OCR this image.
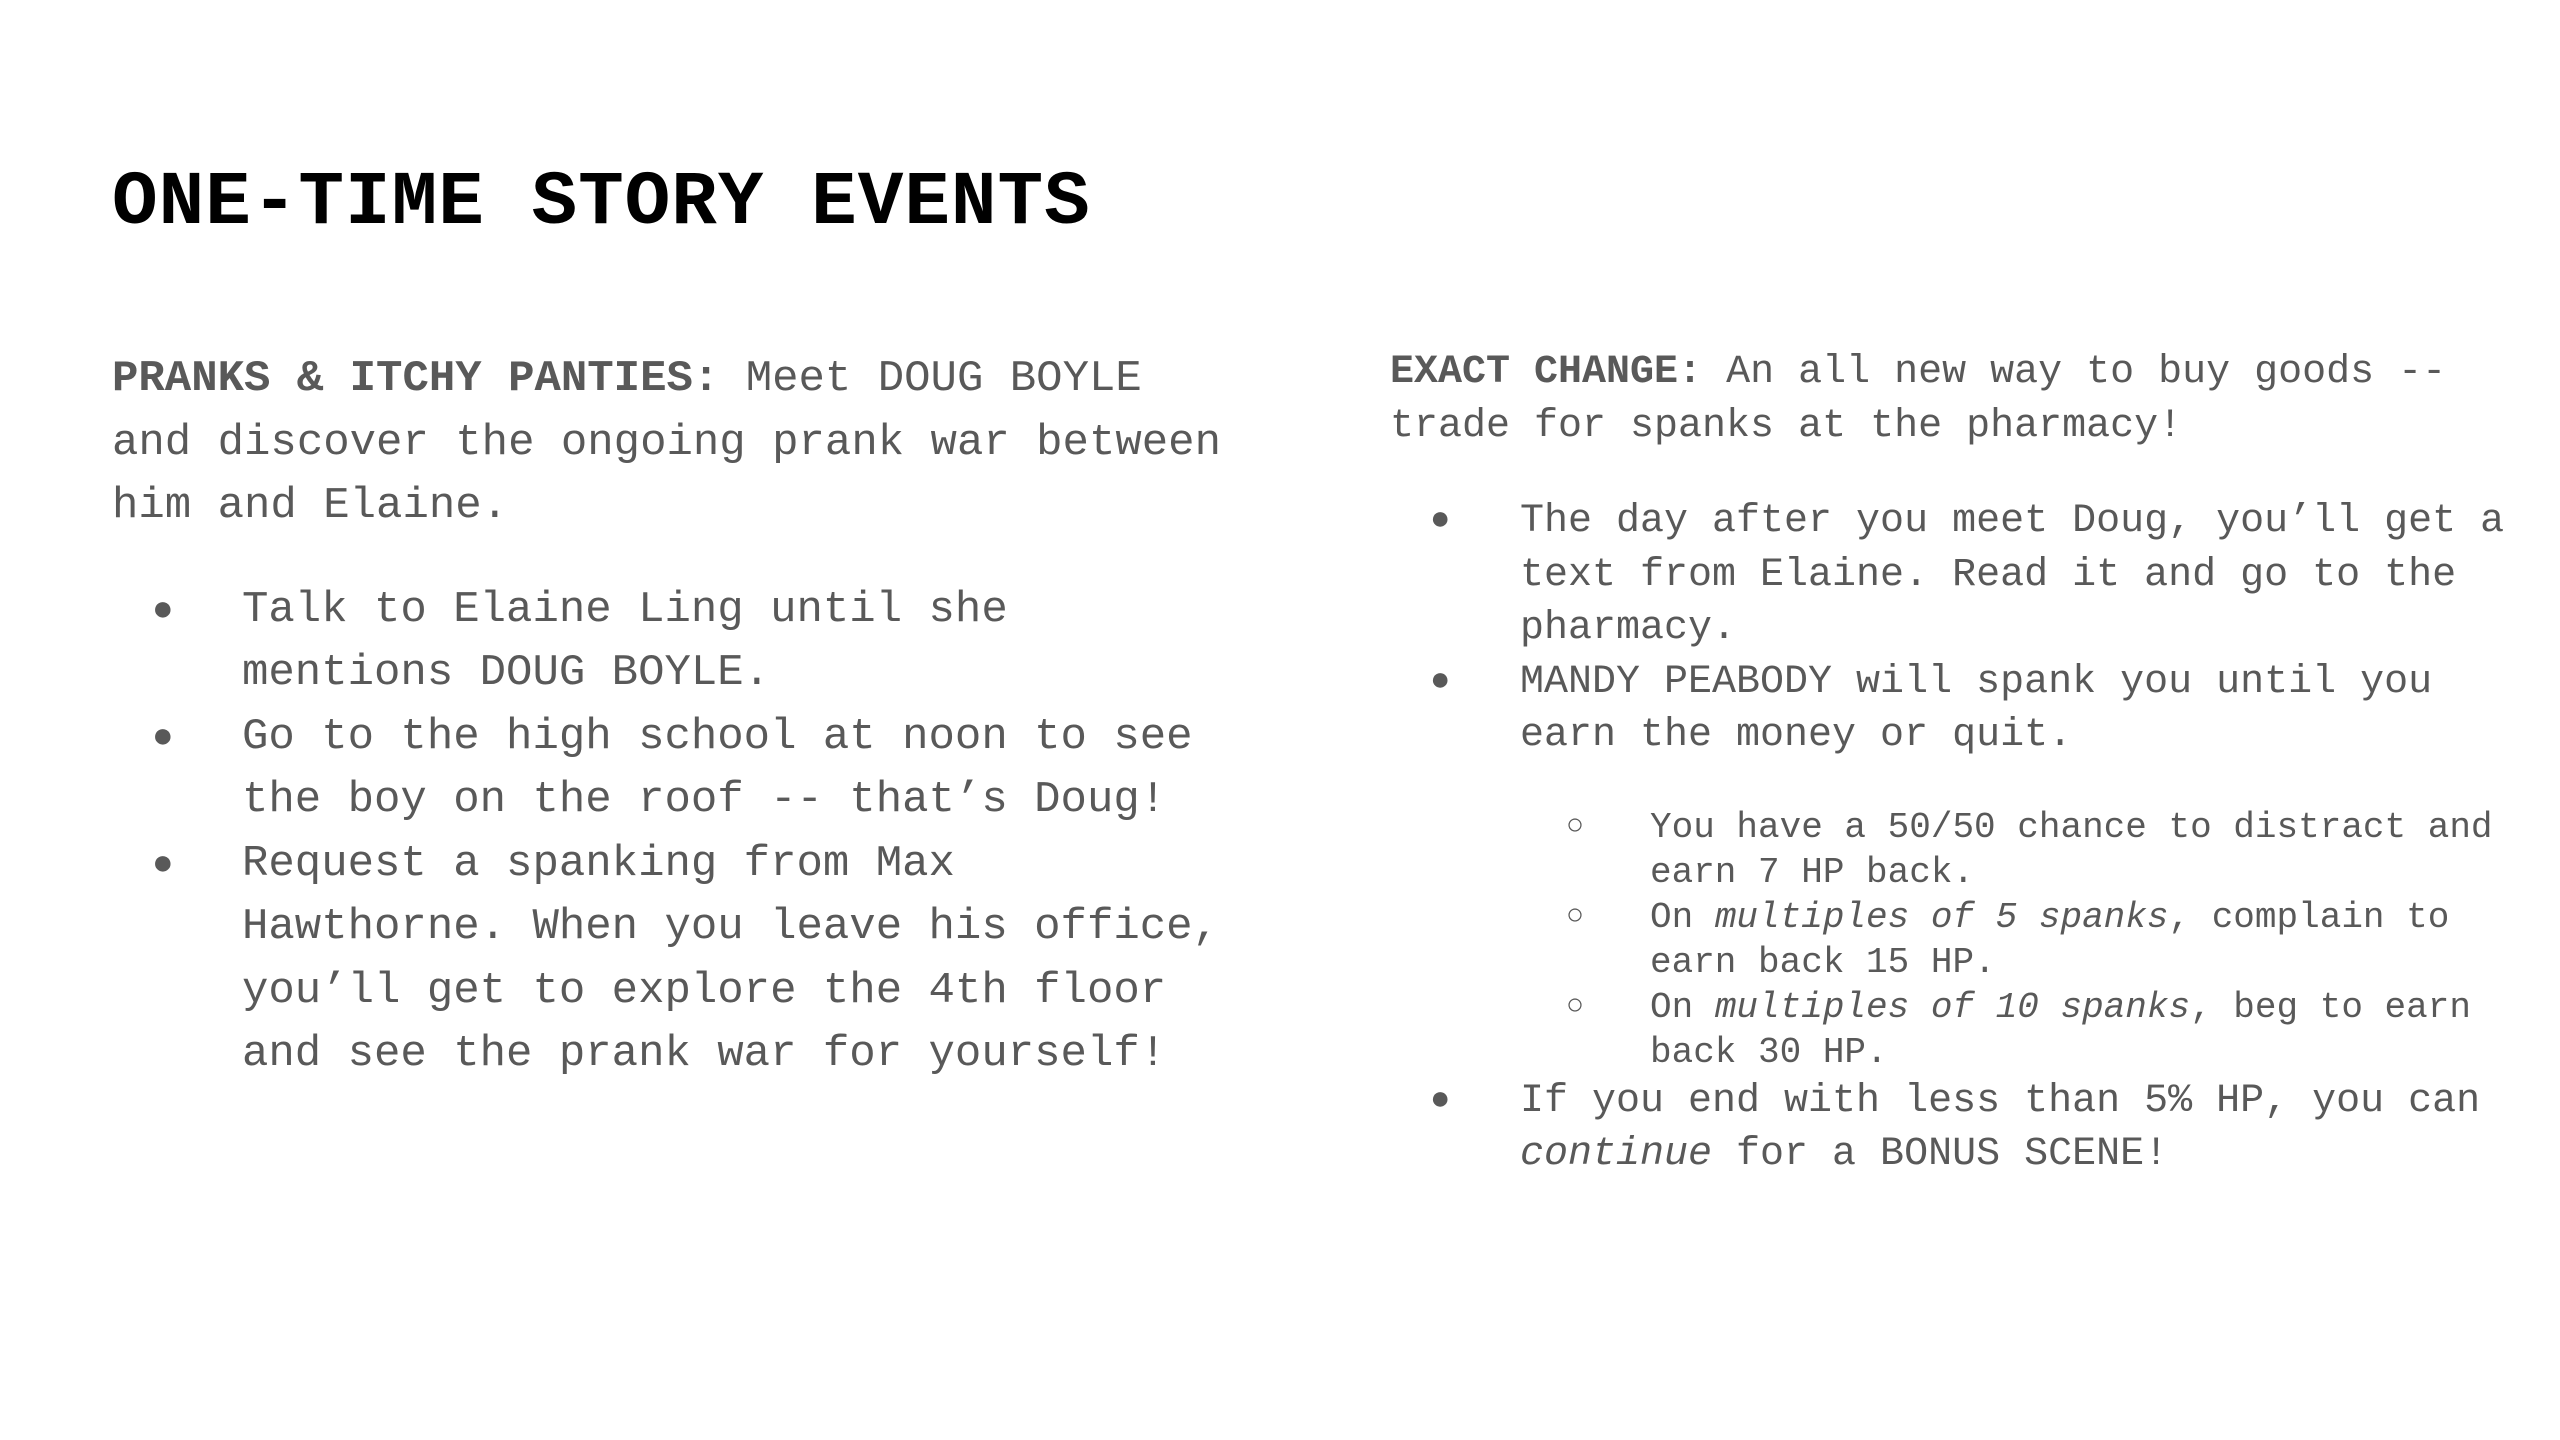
ONE-TIME STORY EVENTS

PRANKS & ITCHY PANTIES: Meet DOUG BOYLE and discover the ongoing prank war between him and Elaine.

● Talk to Elaine Ling until she mentions DOUG BOYLE.
● Go to the high school at noon to see the boy on the roof -- that’s Doug!
● Request a spanking from Max Hawthorne. When you leave his office, you’ll get to explore the 4th floor and see the prank war for yourself!

EXACT CHANGE: An all new way to buy goods -- trade for spanks at the pharmacy!

● The day after you meet Doug, you’ll get a text from Elaine. Read it and go to the pharmacy.
● MANDY PEABODY will spank you until you earn the money or quit.
○ You have a 50/50 chance to distract and earn 7 HP back.
○ On multiples of 5 spanks, complain to earn back 15 HP.
○ On multiples of 10 spanks, beg to earn back 30 HP.
● If you end with less than 5% HP, you can continue for a BONUS SCENE!
